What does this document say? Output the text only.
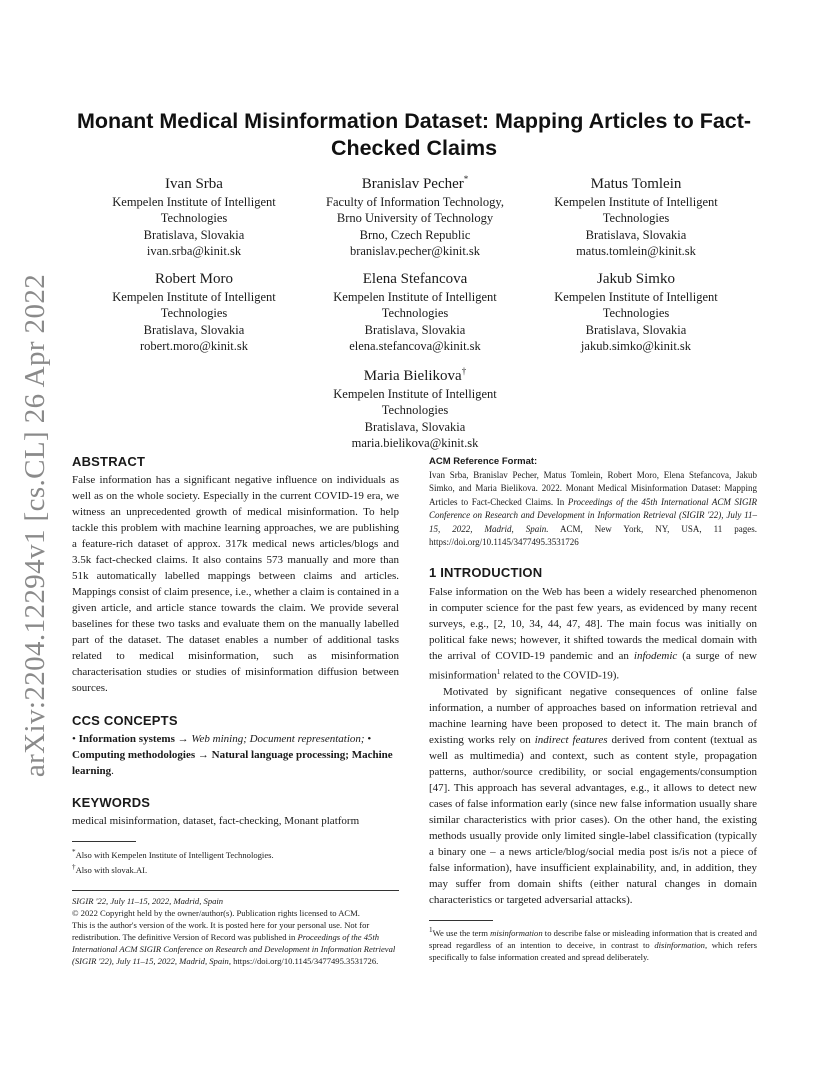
arXiv:2204.12294v1 [cs.CL] 26 Apr 2022
Monant Medical Misinformation Dataset: Mapping Articles to Fact-Checked Claims
Ivan Srba
Kempelen Institute of Intelligent
Technologies
Bratislava, Slovakia
ivan.srba@kinit.sk
Branislav Pecher*
Faculty of Information Technology,
Brno University of Technology
Brno, Czech Republic
branislav.pecher@kinit.sk
Matus Tomlein
Kempelen Institute of Intelligent
Technologies
Bratislava, Slovakia
matus.tomlein@kinit.sk
Robert Moro
Kempelen Institute of Intelligent
Technologies
Bratislava, Slovakia
robert.moro@kinit.sk
Elena Stefancova
Kempelen Institute of Intelligent
Technologies
Bratislava, Slovakia
elena.stefancova@kinit.sk
Jakub Simko
Kempelen Institute of Intelligent
Technologies
Bratislava, Slovakia
jakub.simko@kinit.sk
Maria Bielikova†
Kempelen Institute of Intelligent
Technologies
Bratislava, Slovakia
maria.bielikova@kinit.sk
ABSTRACT

False information has a significant negative influence on individuals as well as on the whole society. Especially in the current COVID-19 era, we witness an unprecedented growth of medical misinformation. To help tackle this problem with machine learning approaches, we are publishing a feature-rich dataset of approx. 317k medical news articles/blogs and 3.5k fact-checked claims. It also contains 573 manually and more than 51k automatically labelled mappings between claims and articles. Mappings consist of claim presence, i.e., whether a claim is contained in a given article, and article stance towards the claim. We provide several baselines for these two tasks and evaluate them on the manually labelled part of the dataset. The dataset enables a number of additional tasks related to medical misinformation, such as misinformation characterisation studies or studies of misinformation diffusion between sources.

CCS CONCEPTS

• Information systems → Web mining; Document representation; • Computing methodologies → Natural language processing; Machine learning.

KEYWORDS

medical misinformation, dataset, fact-checking, Monant platform

*Also with Kempelen Institute of Intelligent Technologies.
†Also with slovak.AI.
SIGIR '22, July 11–15, 2022, Madrid, Spain
© 2022 Copyright held by the owner/author(s). Publication rights licensed to ACM.
This is the author's version of the work. It is posted here for your personal use. Not for redistribution. The definitive Version of Record was published in Proceedings of the 45th International ACM SIGIR Conference on Research and Development in Information Retrieval (SIGIR '22), July 11–15, 2022, Madrid, Spain, https://doi.org/10.1145/3477495.3531726.

ACM Reference Format:

Ivan Srba, Branislav Pecher, Matus Tomlein, Robert Moro, Elena Stefancova, Jakub Simko, and Maria Bielikova. 2022. Monant Medical Misinformation Dataset: Mapping Articles to Fact-Checked Claims. In Proceedings of the 45th International ACM SIGIR Conference on Research and Development in Information Retrieval (SIGIR '22), July 11–15, 2022, Madrid, Spain. ACM, New York, NY, USA, 11 pages. https://doi.org/10.1145/3477495.3531726

1 INTRODUCTION

False information on the Web has been a widely researched phenomenon in computer science for the past few years, as evidenced by many recent surveys, e.g., [2, 10, 34, 44, 47, 48]. The main focus was initially on political fake news; however, it shifted towards the medical domain with the arrival of COVID-19 pandemic and an infodemic (a surge of new misinformation$^1$ related to the COVID-19).

Motivated by significant negative consequences of online false information, a number of approaches based on information retrieval and machine learning have been proposed to detect it. The main branch of existing works rely on indirect features derived from content (textual as well as multimedia) and context, such as content style, propagation patterns, author/source credibility, or social engagements/consumption [47]. This approach has several advantages, e.g., it allows to detect new cases of false information early (since new false information usually share similar characteristics with prior cases). On the other hand, the existing methods usually provide only limited single-label classification (typically a binary one – a news article/blog/social media post is/is not a piece of false information), have insufficient explainability, and, in addition, they may suffer from domain shifts (either natural changes in domain characteristics or targeted adversarial attacks).

$^1$We use the term misinformation to describe false or misleading information that is created and spread regardless of an intention to deceive, in contrast to disinformation, which refers specifically to false information created and spread deliberately.
